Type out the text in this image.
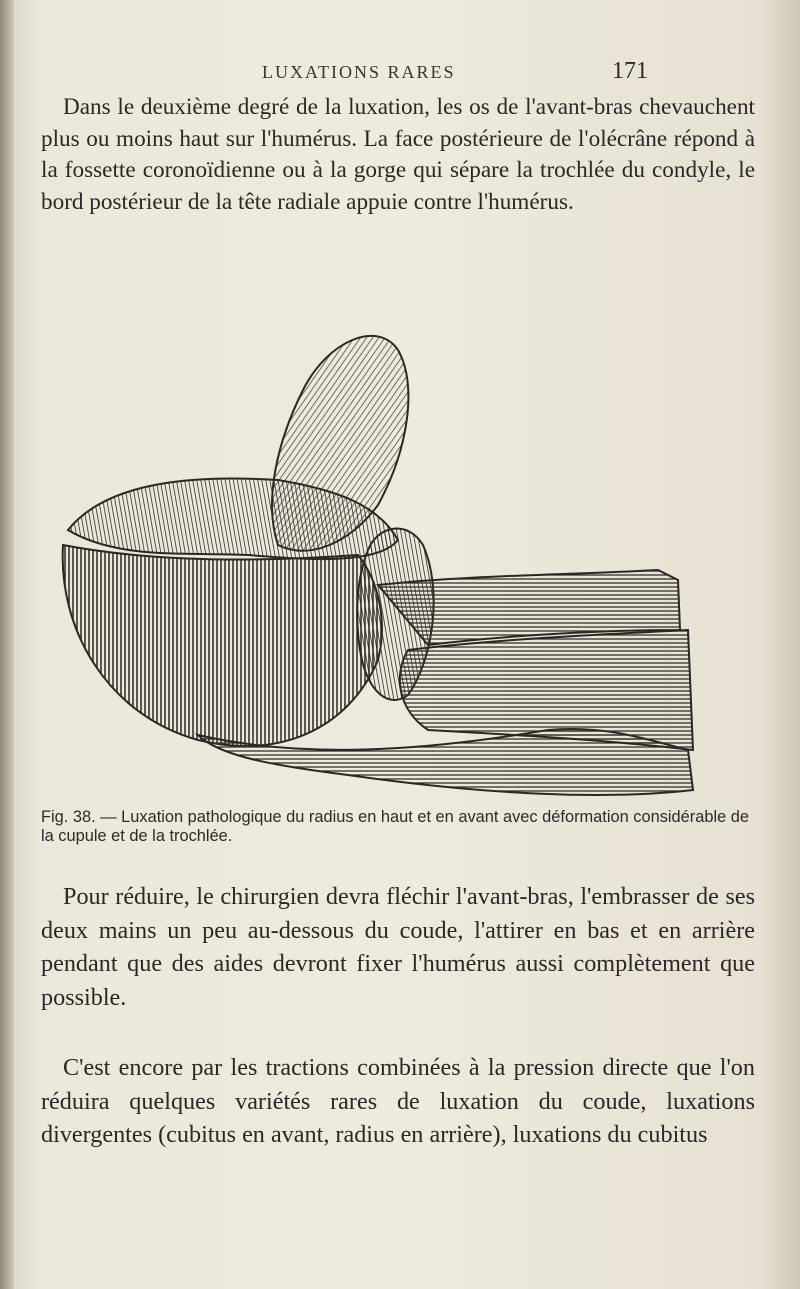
LUXATIONS RARES	171

Dans le deuxième degré de la luxation, les os de l'avant-bras chevauchent plus ou moins haut sur l'humérus. La face postérieure de l'olécrâne répond à la fossette coronoïdienne ou à la gorge qui sépare la trochlée du condyle, le bord postérieur de la tête radiale appuie contre l'humérus.

Fig. 38. — Luxation pathologique du radius en haut et en avant avec déformation considérable de la cupule et de la trochlée.

Pour réduire, le chirurgien devra fléchir l'avant-bras, l'embrasser de ses deux mains un peu au-dessous du coude, l'attirer en bas et en arrière pendant que des aides devront fixer l'humérus aussi complètement que possible.

C'est encore par les tractions combinées à la pression directe que l'on réduira quelques variétés rares de luxation du coude, luxations divergentes (cubitus en avant, radius en arrière), luxations du cubitus
